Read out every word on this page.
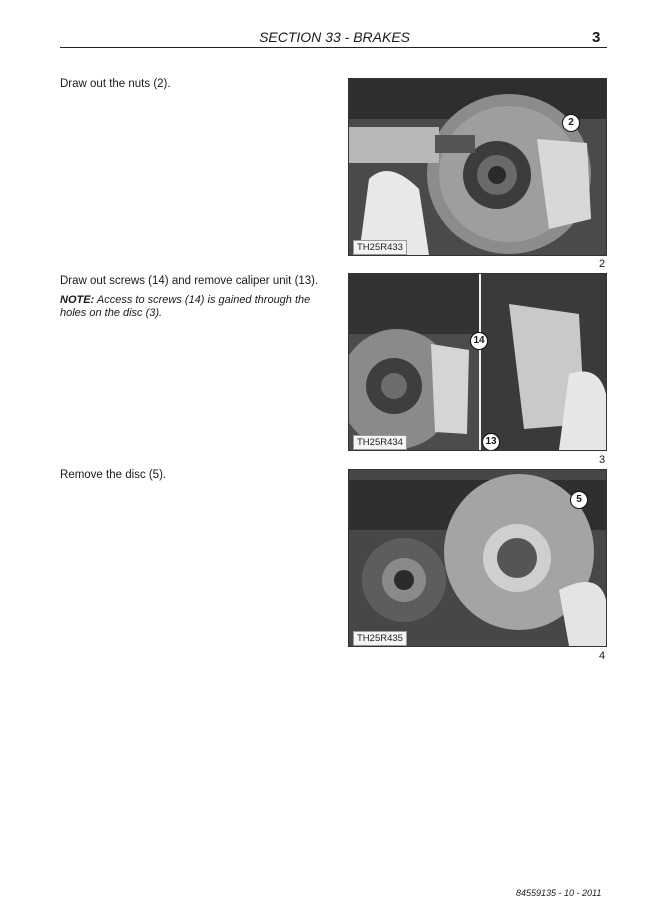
SECTION 33 - BRAKES	3
Draw out the nuts (2).
TH25R433
2
2
Draw out screws (14) and remove caliper unit (13).
NOTE: Access to screws (14) is gained through the holes on the disc (3).
TH25R434
14
13
3
Remove the disc (5).
TH25R435
5
4
84559135 - 10 - 2011
